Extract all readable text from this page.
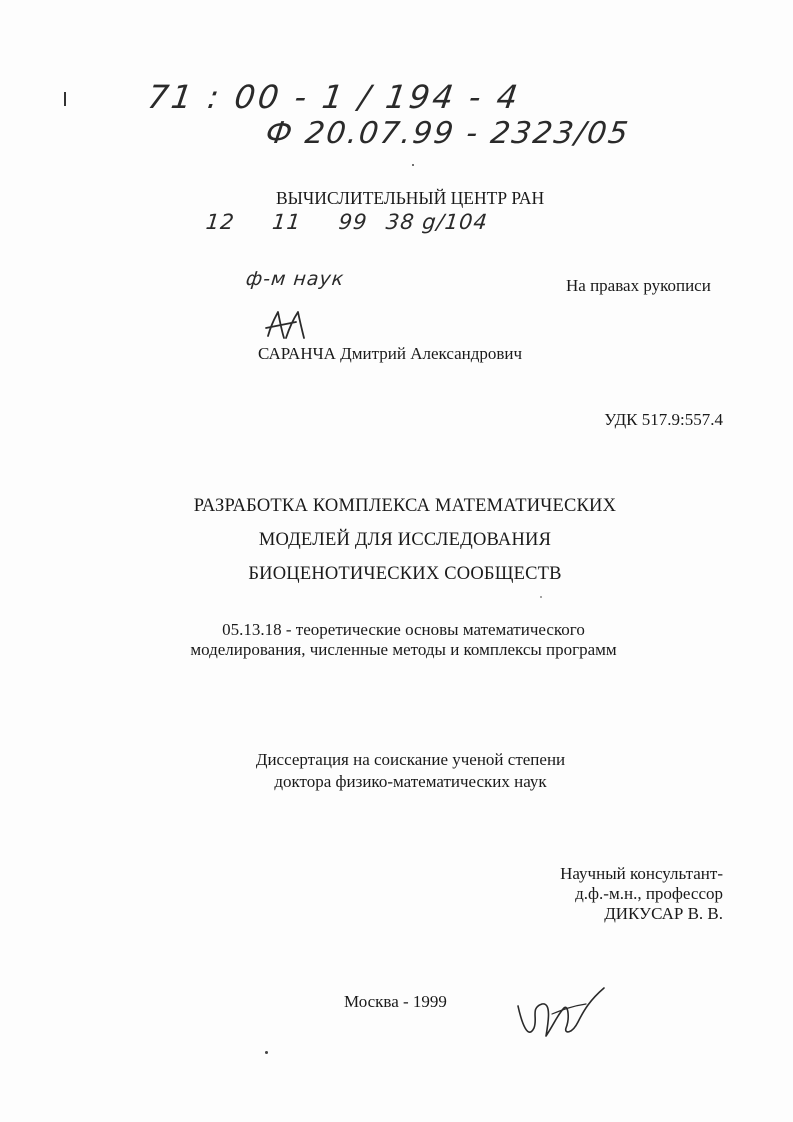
71 : 00 - 1 / 194 - 4
Ф 20.07.99 - 2323/05
ВЫЧИСЛИТЕЛЬНЫЙ ЦЕНТР РАН
12 11 99 38 g/104
ф-м наук	На правах рукописи
САРАНЧА Дмитрий Александрович
УДК 517.9:557.4
РАЗРАБОТКА КОМПЛЕКСА МАТЕМАТИЧЕСКИХ
МОДЕЛЕЙ ДЛЯ ИССЛЕДОВАНИЯ
БИОЦЕНОТИЧЕСКИХ СООБЩЕСТВ
05.13.18 - теоретические основы математического
моделирования, численные методы и комплексы программ
Диссертация на соискание ученой степени
доктора физико-математических наук
Научный консультант-
д.ф.-м.н., профессор
ДИКУСАР В. В.
Москва - 1999
